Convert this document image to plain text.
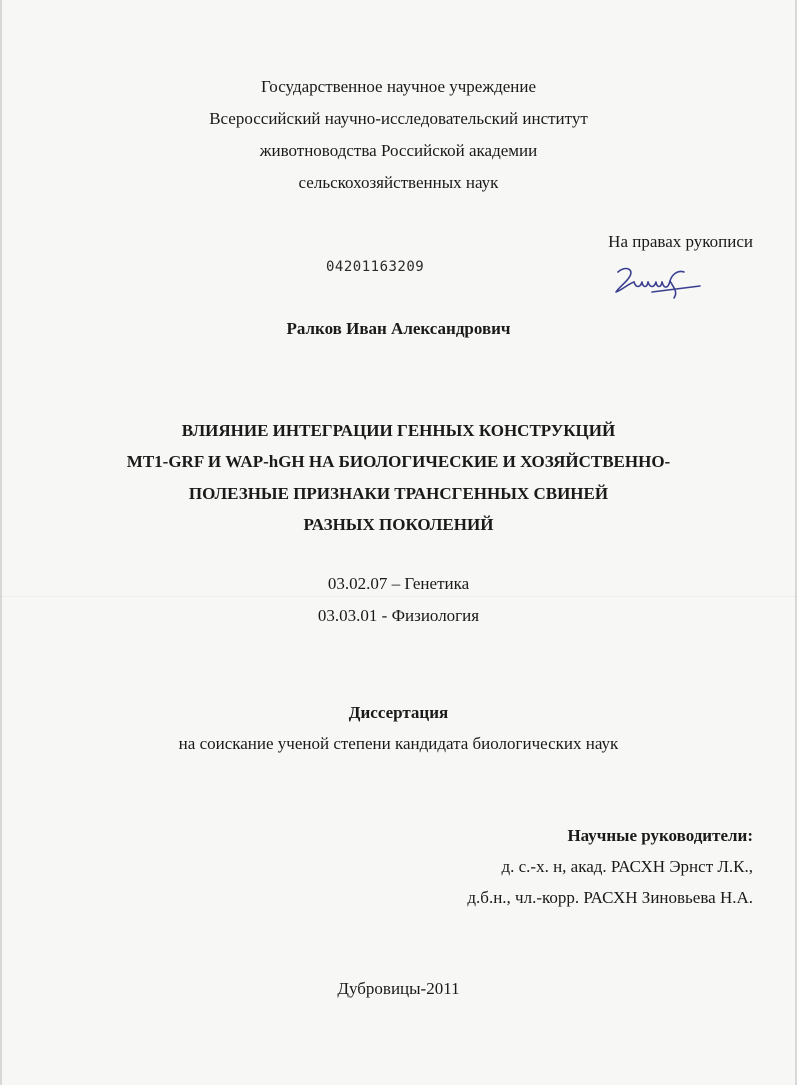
Государственное научное учреждение
Всероссийский научно-исследовательский институт
животноводства Российской академии
сельскохозяйственных наук
На правах рукописи
04201163209
Ралков Иван Александрович
ВЛИЯНИЕ ИНТЕГРАЦИИ ГЕННЫХ КОНСТРУКЦИЙ
MT1-GRF И WAP-hGH НА БИОЛОГИЧЕСКИЕ И ХОЗЯЙСТВЕННО-
ПОЛЕЗНЫЕ ПРИЗНАКИ ТРАНСГЕННЫХ СВИНЕЙ
РАЗНЫХ ПОКОЛЕНИЙ
03.02.07 – Генетика
03.03.01 - Физиология
Диссертация
на соискание ученой степени кандидата биологических наук
Научные руководители:
д. с.-х. н, акад. РАСХН Эрнст Л.К.,
д.б.н., чл.-корр. РАСХН Зиновьева Н.А.
Дубровицы-2011
